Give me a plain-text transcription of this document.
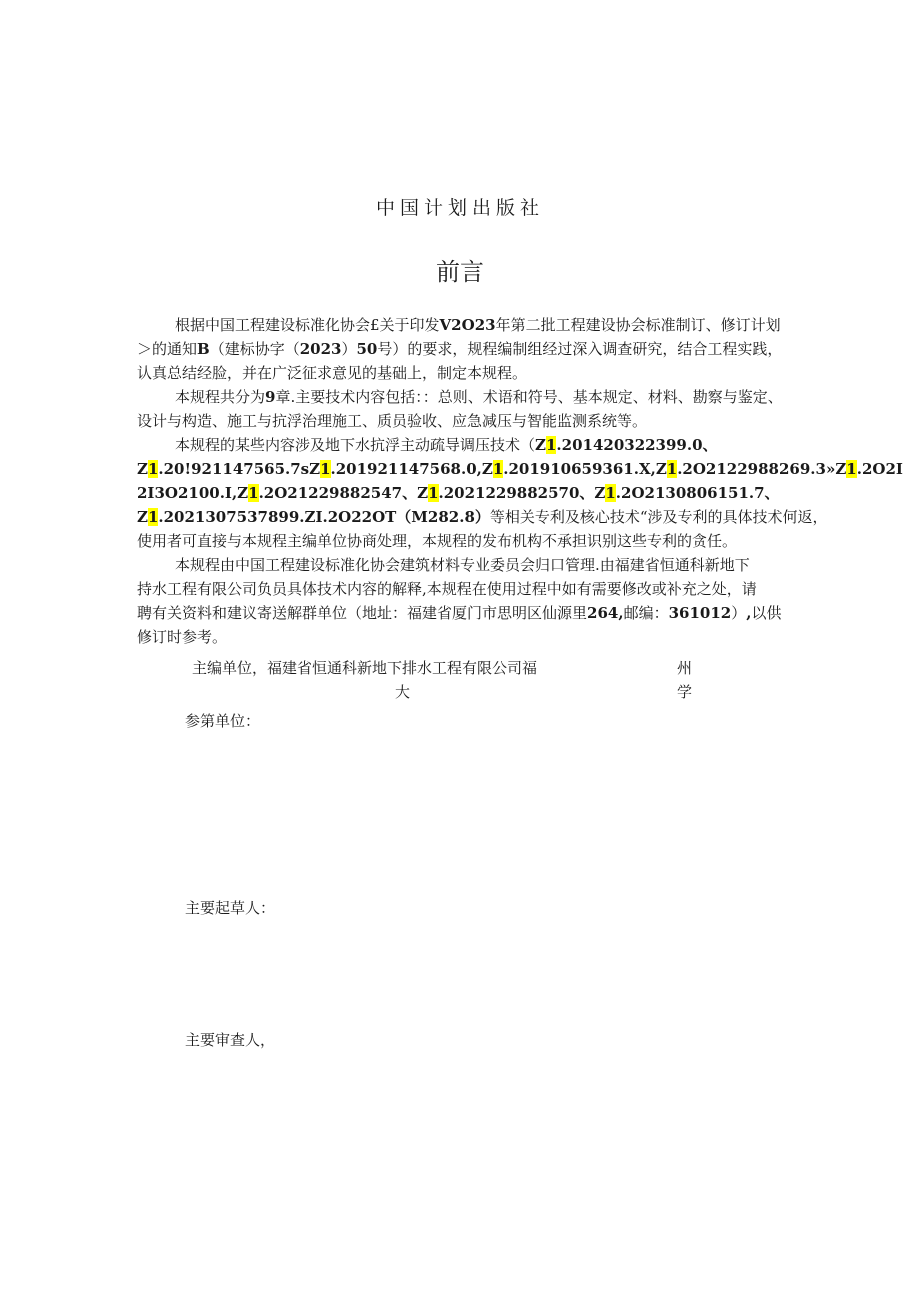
中国计划出版社
前言
根据中国工程建设标准化协会£关于印发V2O23年第二批工程建设协会标准制订、修订计划
＞的通知B（建标协字（2023）50号）的要求，规程编制组经过深入调查研究，结合工程实践，
认真总结经脸，并在广泛征求意见的基础上，制定本规程。
本规程共分为9章.主要技术内容包括：：总则、术语和符号、基本规定、材料、勘察与鉴定、
设计与构造、施工与抗浮治理施工、质员验收、应急减压与智能监测系统等。
本规程的某些内容涉及地下水抗浮主动疏导调压技术（Z1.201420322399.0、
Z1.20!921147565.7sZ1.201921147568.0,Z1.201910659361.X,Z1.2O2122988269.3»Z1.2O2I
2I3O2100.I,Z1.2O21229882547、Z1.2021229882570、Z1.2O2130806151.7、
Z1.2021307537899.ZI.2O22OT（M282.8）等相关专利及核心技术“涉及专利的具体技术何返，
使用者可直接与本规程主编单位协商处理，本规程的发布机构不承担识别这些专利的贪任。
本规程由中国工程建设标准化协会建筑材料专业委员会归口管理.由福建省恒通科新地下
持水工程有限公司负员具体技术内容的解释,本规程在使用过程中如有需要修改或补充之处，请
聘有关资料和建议寄送解群单位（地址：福建省厦门市思明区仙源里264,邮编：361012）,以供
修订时参考。
主编单位，福建省恒通科新地下排水工程有限公司福	州
大	学
参第单位：
主要起草人：
主要审查人，
